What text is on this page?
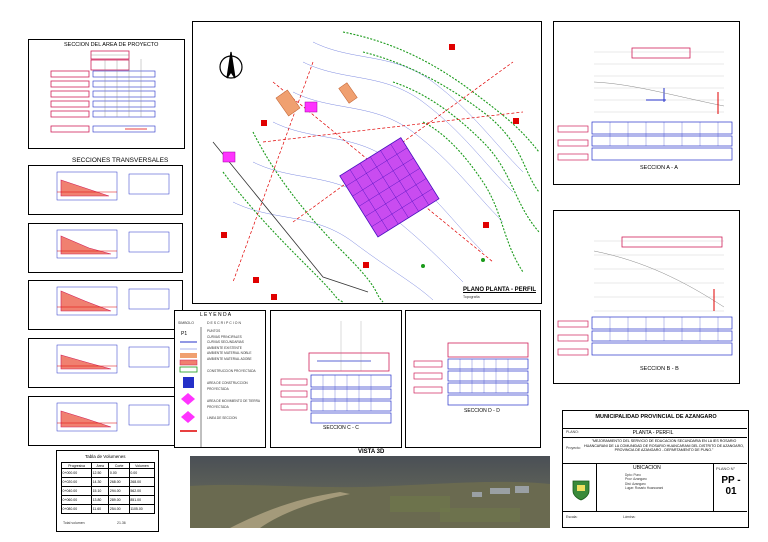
SECCION DEL AREA DE PROYECTO
SECCIONES TRANSVERSALES
Tabla de Volumenes
Progresiva	Area	Corte	Volumen
0+000.00	12.50	0.00	0.00
0+020.00	14.30	268.00	268.00
0+040.00	15.10	294.00	562.00
0+060.00	13.80	289.00	851.00
0+080.00	11.60	254.00	1105.00
Total volumen	21.36
PLANO PLANTA - PERFIL
Topografía
L E Y E N D A
SIMBOLO	D E S C R I P C I O N
P1	PUNTOS
CURVAS PRINCIPALES
CURVAS SECUNDARIAS
AMBIENTE EXISTENTE
AMBIENTE MATERIAL NOBLE
AMBIENTE MATERIAL ADOBE
CONSTRUCCION PROYECTADA
AREA DE CONSTRUCCION PROYECTADA
AREA DE MOVIMIENTO DE TIERRA PROYECTADA
LINEA DE SECCION
SECCION C - C
SECCION D - D
SECCION A - A
SECCION B - B
VISTA 3D
MUNICIPALIDAD PROVINCIAL DE AZANGARO
PLANO:	PLANTA - PERFIL
Proyecto:
"MEJORAMIENTO DEL SERVICIO DE EDUCACION SECUNDARIA EN LA IES ROSARIO HUANCARANI DE LA COMUNIDAD DE ROSARIO HUANCARANI DEL DISTRITO DE AZANGARO, PROVINCIA DE AZANGARO - DEPARTAMENTO DE PUNO."
UBICACION
Dpto: Puno
Prov: Azangaro
Dist: Azangaro
Lugar: Rosario Huancarani
PLANO N°
PP - 01
Escala:	Lámina:
